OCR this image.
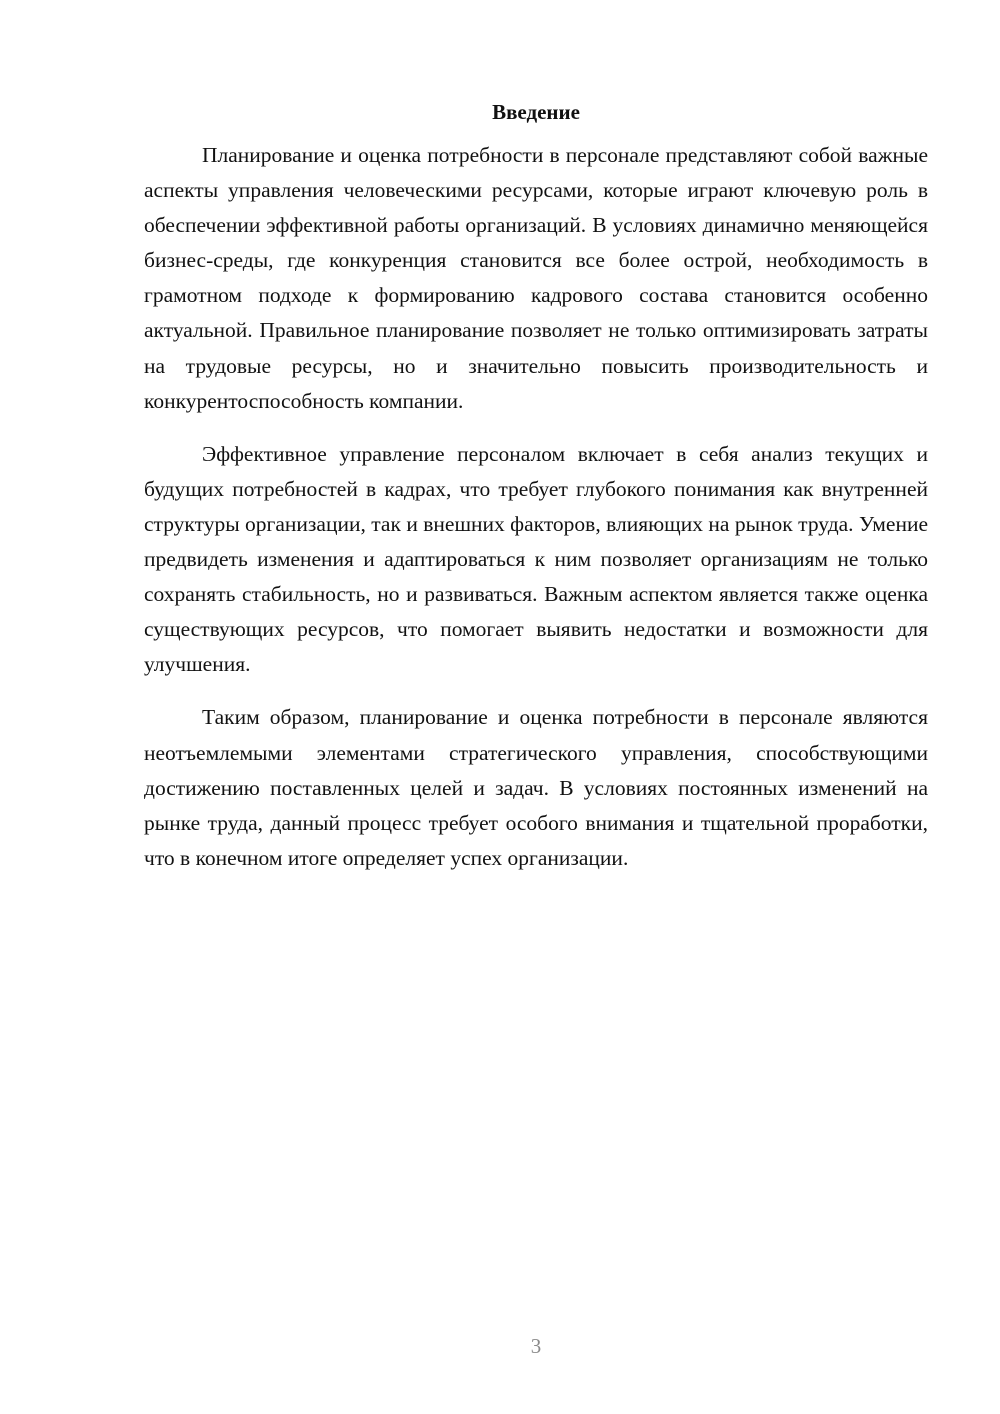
Введение

Планирование и оценка потребности в персонале представляют собой важные аспекты управления человеческими ресурсами, которые играют ключевую роль в обеспечении эффективной работы организаций. В условиях динамично меняющейся бизнес-среды, где конкуренция становится все более острой, необходимость в грамотном подходе к формированию кадрового состава становится особенно актуальной. Правильное планирование позволяет не только оптимизировать затраты на трудовые ресурсы, но и значительно повысить производительность и конкурентоспособность компании.

Эффективное управление персоналом включает в себя анализ текущих и будущих потребностей в кадрах, что требует глубокого понимания как внутренней структуры организации, так и внешних факторов, влияющих на рынок труда. Умение предвидеть изменения и адаптироваться к ним позволяет организациям не только сохранять стабильность, но и развиваться. Важным аспектом является также оценка существующих ресурсов, что помогает выявить недостатки и возможности для улучшения.

Таким образом, планирование и оценка потребности в персонале являются неотъемлемыми элементами стратегического управления, способствующими достижению поставленных целей и задач. В условиях постоянных изменений на рынке труда, данный процесс требует особого внимания и тщательной проработки, что в конечном итоге определяет успех организации.

3
